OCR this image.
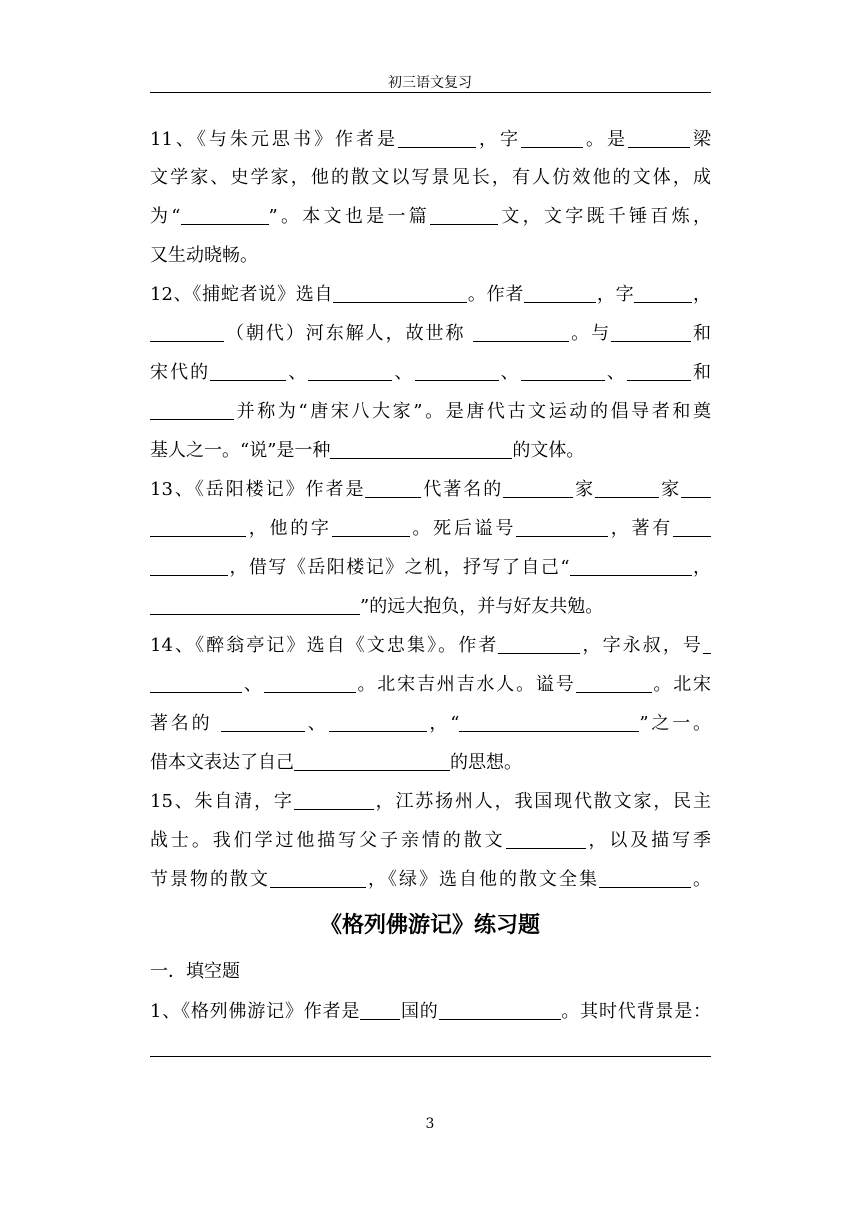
初三语文复习
11、《与朱元思书》作者是	，字	。是	梁
文学家、史学家，他的散文以写景见长，有人仿效他的文体，成
为“	”。本文也是一篇	文，文字既千锤百炼，
又生动晓畅。
12、《捕蛇者说》选自	。作者	，字	，
（朝代）河东解人，故世称	。与	和
宋代的	、	、	、	、	和
并称为“唐宋八大家”。是唐代古文运动的倡导者和奠
基人之一。“说”是一种	的文体。
13、《岳阳楼记》作者是	代著名的	家	家
，他的字	。死后谥号	，著有
，借写《岳阳楼记》之机，抒写了自己“	，
”的远大抱负，并与好友共勉。
14、《醉翁亭记》选自《文忠集》。作者	，字永叔，号
、	。北宋吉州吉水人。谥号	。北宋
著名的	、	，“	”之一。
借本文表达了自己	的思想。
15、朱自清，字	，江苏扬州人，我国现代散文家，民主
战士。我们学过他描写父子亲情的散文	，以及描写季
节景物的散文	，《绿》选自他的散文全集	。
《格列佛游记》练习题
一．填空题
1、《格列佛游记》作者是 国的	。其时代背景是：
3
